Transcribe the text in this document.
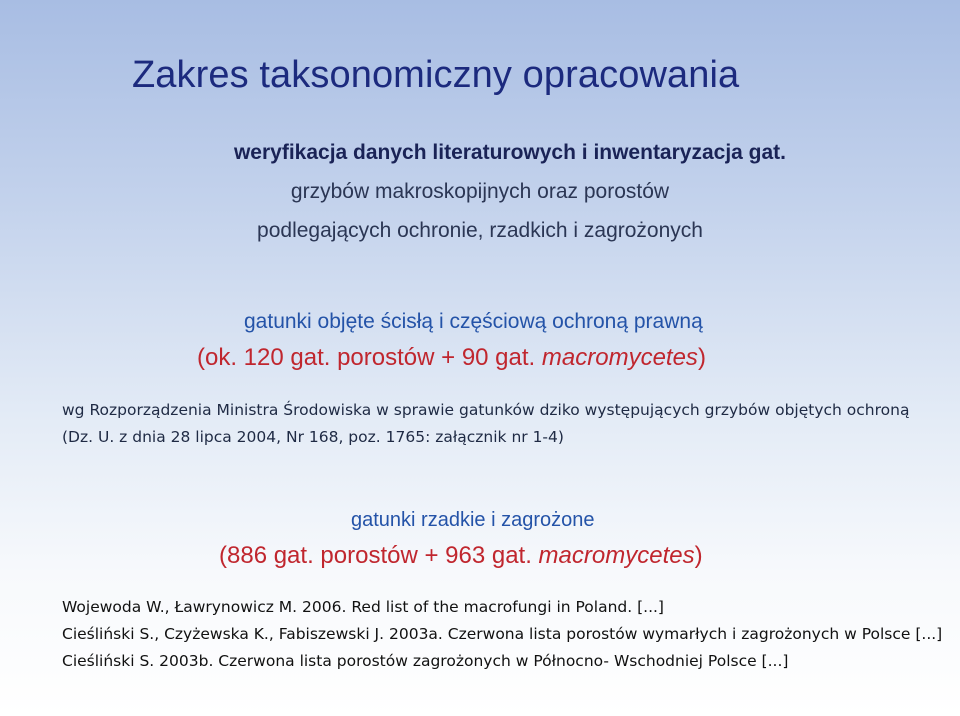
Zakres taksonomiczny opracowania

weryfikacja danych literaturowych i inwentaryzacja gat.

grzybów makroskopijnych oraz porostów

podlegających ochronie, rzadkich i zagrożonych

gatunki objęte ścisłą i częściową ochroną prawną

(ok. 120 gat. porostów + 90 gat. macromycetes)

wg Rozporządzenia Ministra Środowiska w sprawie gatunków dziko występujących grzybów objętych ochroną

(Dz. U. z dnia 28 lipca 2004, Nr 168, poz. 1765: załącznik nr 1-4)

gatunki rzadkie i zagrożone

(886 gat. porostów + 963 gat. macromycetes)

Wojewoda W., Ławrynowicz M. 2006. Red list of the macrofungi in Poland. [...]

Cieśliński S., Czyżewska K., Fabiszewski J. 2003a. Czerwona lista porostów wymarłych i zagrożonych w Polsce [...]

Cieśliński S. 2003b. Czerwona lista porostów zagrożonych w Północno- Wschodniej Polsce [...]
